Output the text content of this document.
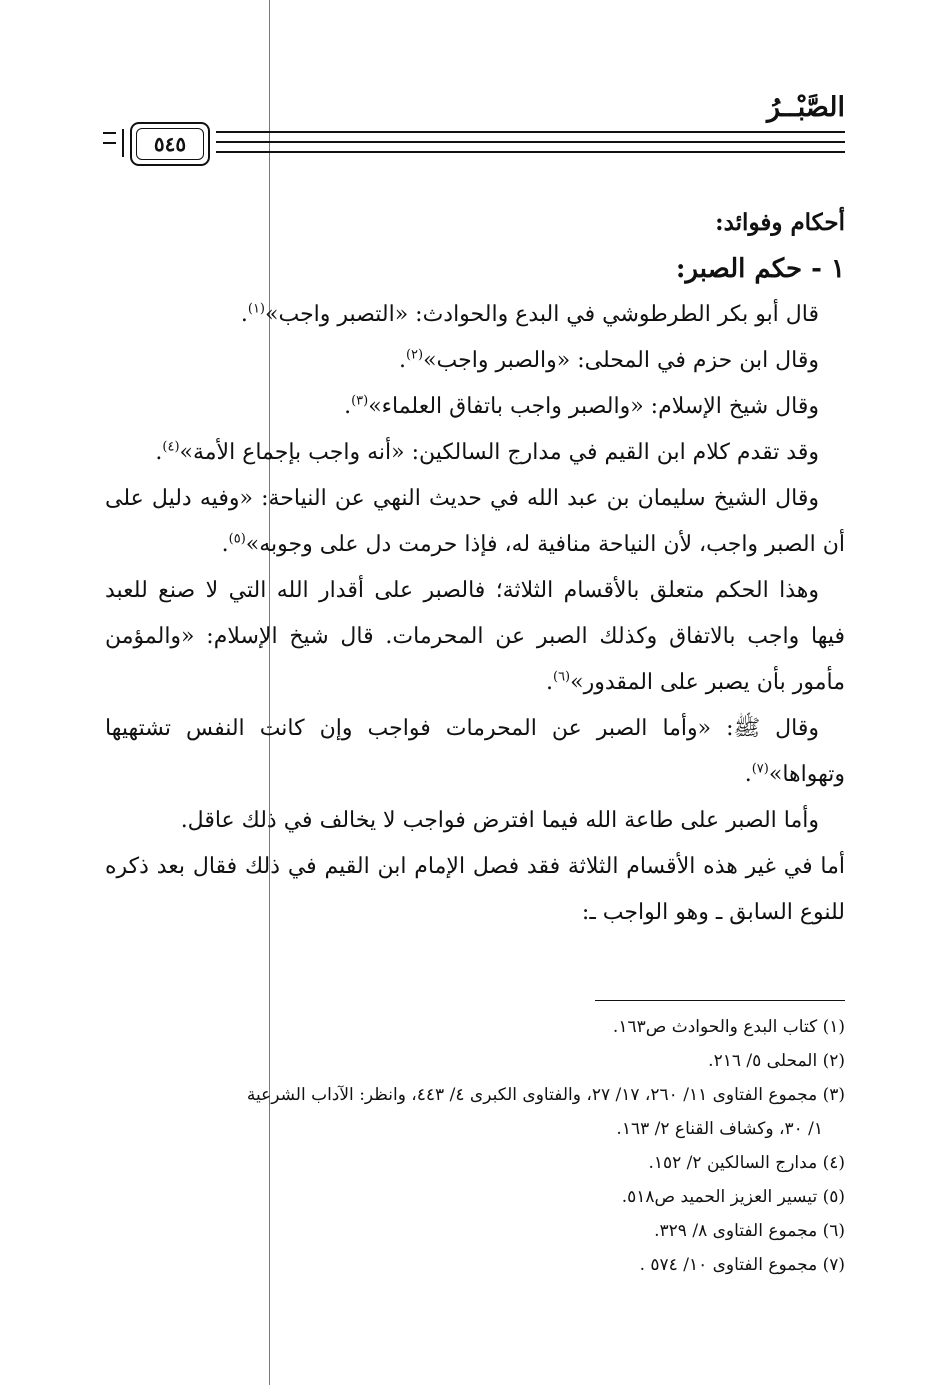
الصَّبْــرُ
٥٤٥

أحكام وفوائد:

١ - حكم الصبر:

قال أبو بكر الطرطوشي في البدع والحوادث: «التصبر واجب»$^{(١)}$.

وقال ابن حزم في المحلى: «والصبر واجب»$^{(٢)}$.

وقال شيخ الإسلام: «والصبر واجب باتفاق العلماء»$^{(٣)}$.

وقد تقدم كلام ابن القيم في مدارج السالكين: «أنه واجب بإجماع الأمة»$^{(٤)}$.

وقال الشيخ سليمان بن عبد الله في حديث النهي عن النياحة: «وفيه دليل على أن الصبر واجب، لأن النياحة منافية له، فإذا حرمت دل على وجوبه»$^{(٥)}$.

وهذا الحكم متعلق بالأقسام الثلاثة؛ فالصبر على أقدار الله التي لا صنع للعبد فيها واجب بالاتفاق وكذلك الصبر عن المحرمات. قال شيخ الإسلام: «والمؤمن مأمور بأن يصبر على المقدور»$^{(٦)}$.

وقال ﷺ: «وأما الصبر عن المحرمات فواجب وإن كانت النفس تشتهيها وتهواها»$^{(٧)}$.

وأما الصبر على طاعة الله فيما افترض فواجب لا يخالف في ذلك عاقل.

أما في غير هذه الأقسام الثلاثة فقد فصل الإمام ابن القيم في ذلك فقال بعد ذكره للنوع السابق ـ وهو الواجب ـ:

(١) كتاب البدع والحوادث ص١٦٣.
(٢) المحلى ٥/ ٢١٦.
(٣) مجموع الفتاوى ١١/ ٢٦٠، ١٧/ ٢٧، والفتاوى الكبرى ٤/ ٤٤٣، وانظر: الآداب الشرعية
١/ ٣٠، وكشاف القناع ٢/ ١٦٣.
(٤) مدارج السالكين ٢/ ١٥٢.
(٥) تيسير العزيز الحميد ص٥١٨.
(٦) مجموع الفتاوى ٨/ ٣٢٩.
(٧) مجموع الفتاوى ١٠/ ٥٧٤ .
